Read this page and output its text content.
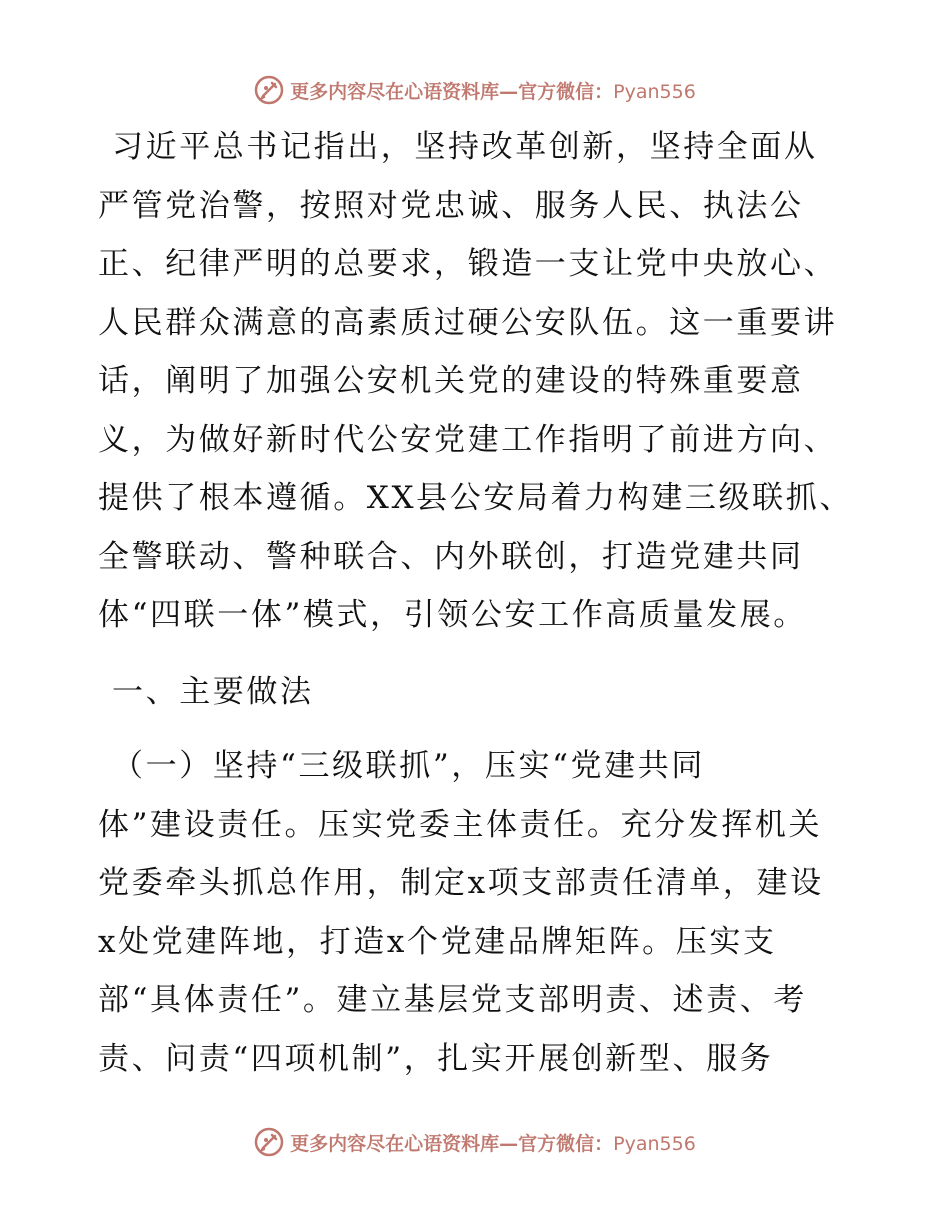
更多内容尽在心语资料库—官方微信：Pyan556
习近平总书记指出，坚持改革创新，坚持全面从
严管党治警，按照对党忠诚、服务人民、执法公
正、纪律严明的总要求，锻造一支让党中央放心、
人民群众满意的高素质过硬公安队伍。这一重要讲
话，阐明了加强公安机关党的建设的特殊重要意
义，为做好新时代公安党建工作指明了前进方向、
提供了根本遵循。XX县公安局着力构建三级联抓、
全警联动、警种联合、内外联创，打造党建共同
体“四联一体”模式，引领公安工作高质量发展。
一、主要做法
（一）坚持“三级联抓”，压实“党建共同
体”建设责任。压实党委主体责任。充分发挥机关
党委牵头抓总作用，制定x项支部责任清单，建设
x处党建阵地，打造x个党建品牌矩阵。压实支
部“具体责任”。建立基层党支部明责、述责、考
责、问责“四项机制”，扎实开展创新型、服务
更多内容尽在心语资料库—官方微信：Pyan556
